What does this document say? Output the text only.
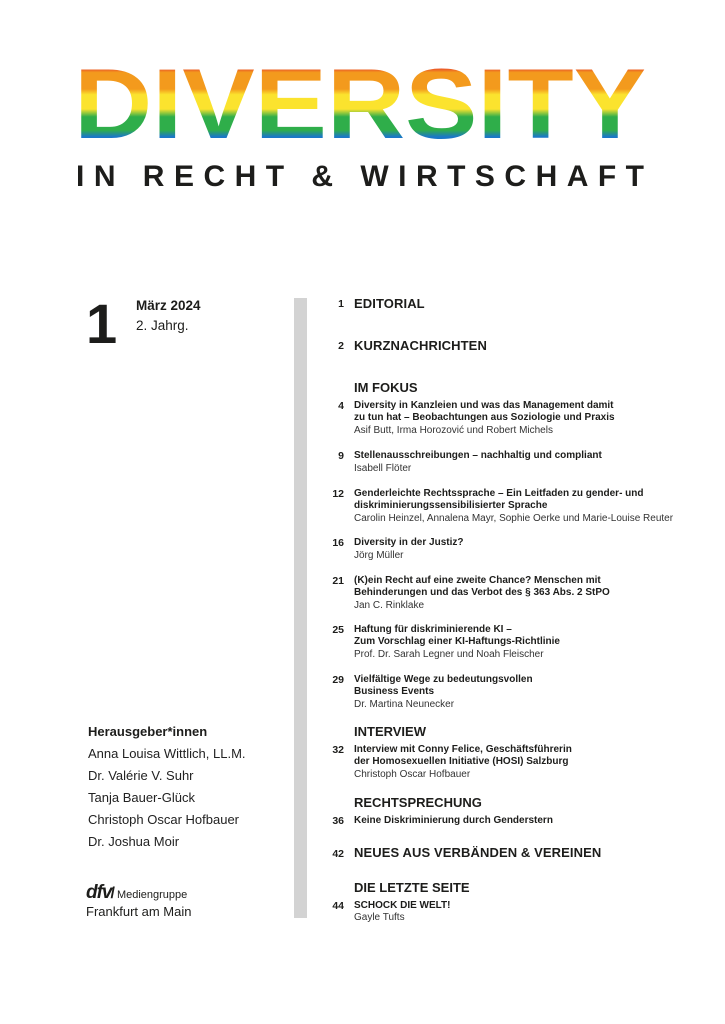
DIVERSITY
IN RECHT & WIRTSCHAFT
1 März 2024
2. Jahrg.
1 EDITORIAL
2 KURZNACHRICHTEN
IM FOKUS
4 Diversity in Kanzleien und was das Management damit
zu tun hat – Beobachtungen aus Soziologie und Praxis
Asif Butt, Irma Horozović und Robert Michels
9 Stellenausschreibungen – nachhaltig und compliant
Isabell Flöter
12 Genderleichte Rechtssprache – Ein Leitfaden zu gender- und
diskriminierungssensibilisierter Sprache
Carolin Heinzel, Annalena Mayr, Sophie Oerke und Marie-Louise Reuter
16 Diversity in der Justiz?
Jörg Müller
21 (K)ein Recht auf eine zweite Chance? Menschen mit
Behinderungen und das Verbot des § 363 Abs. 2 StPO
Jan C. Rinklake
25 Haftung für diskriminierende KI –
Zum Vorschlag einer KI-Haftungs-Richtlinie
Prof. Dr. Sarah Legner und Noah Fleischer
29 Vielfältige Wege zu bedeutungsvollen
Business Events
Dr. Martina Neunecker
INTERVIEW
32 Interview mit Conny Felice, Geschäftsführerin
der Homosexuellen Initiative (HOSI) Salzburg
Christoph Oscar Hofbauer
RECHTSPRECHUNG
36 Keine Diskriminierung durch Genderstern
42 NEUES AUS VERBÄNDEN & VEREINEN
DIE LETZTE SEITE
44 SCHOCK DIE WELT!
Gayle Tufts
Herausgeber*innen
Anna Louisa Wittlich, LL.M.
Dr. Valérie V. Suhr
Tanja Bauer-Glück
Christoph Oscar Hofbauer
Dr. Joshua Moir
dfv / Mediengruppe
Frankfurt am Main
